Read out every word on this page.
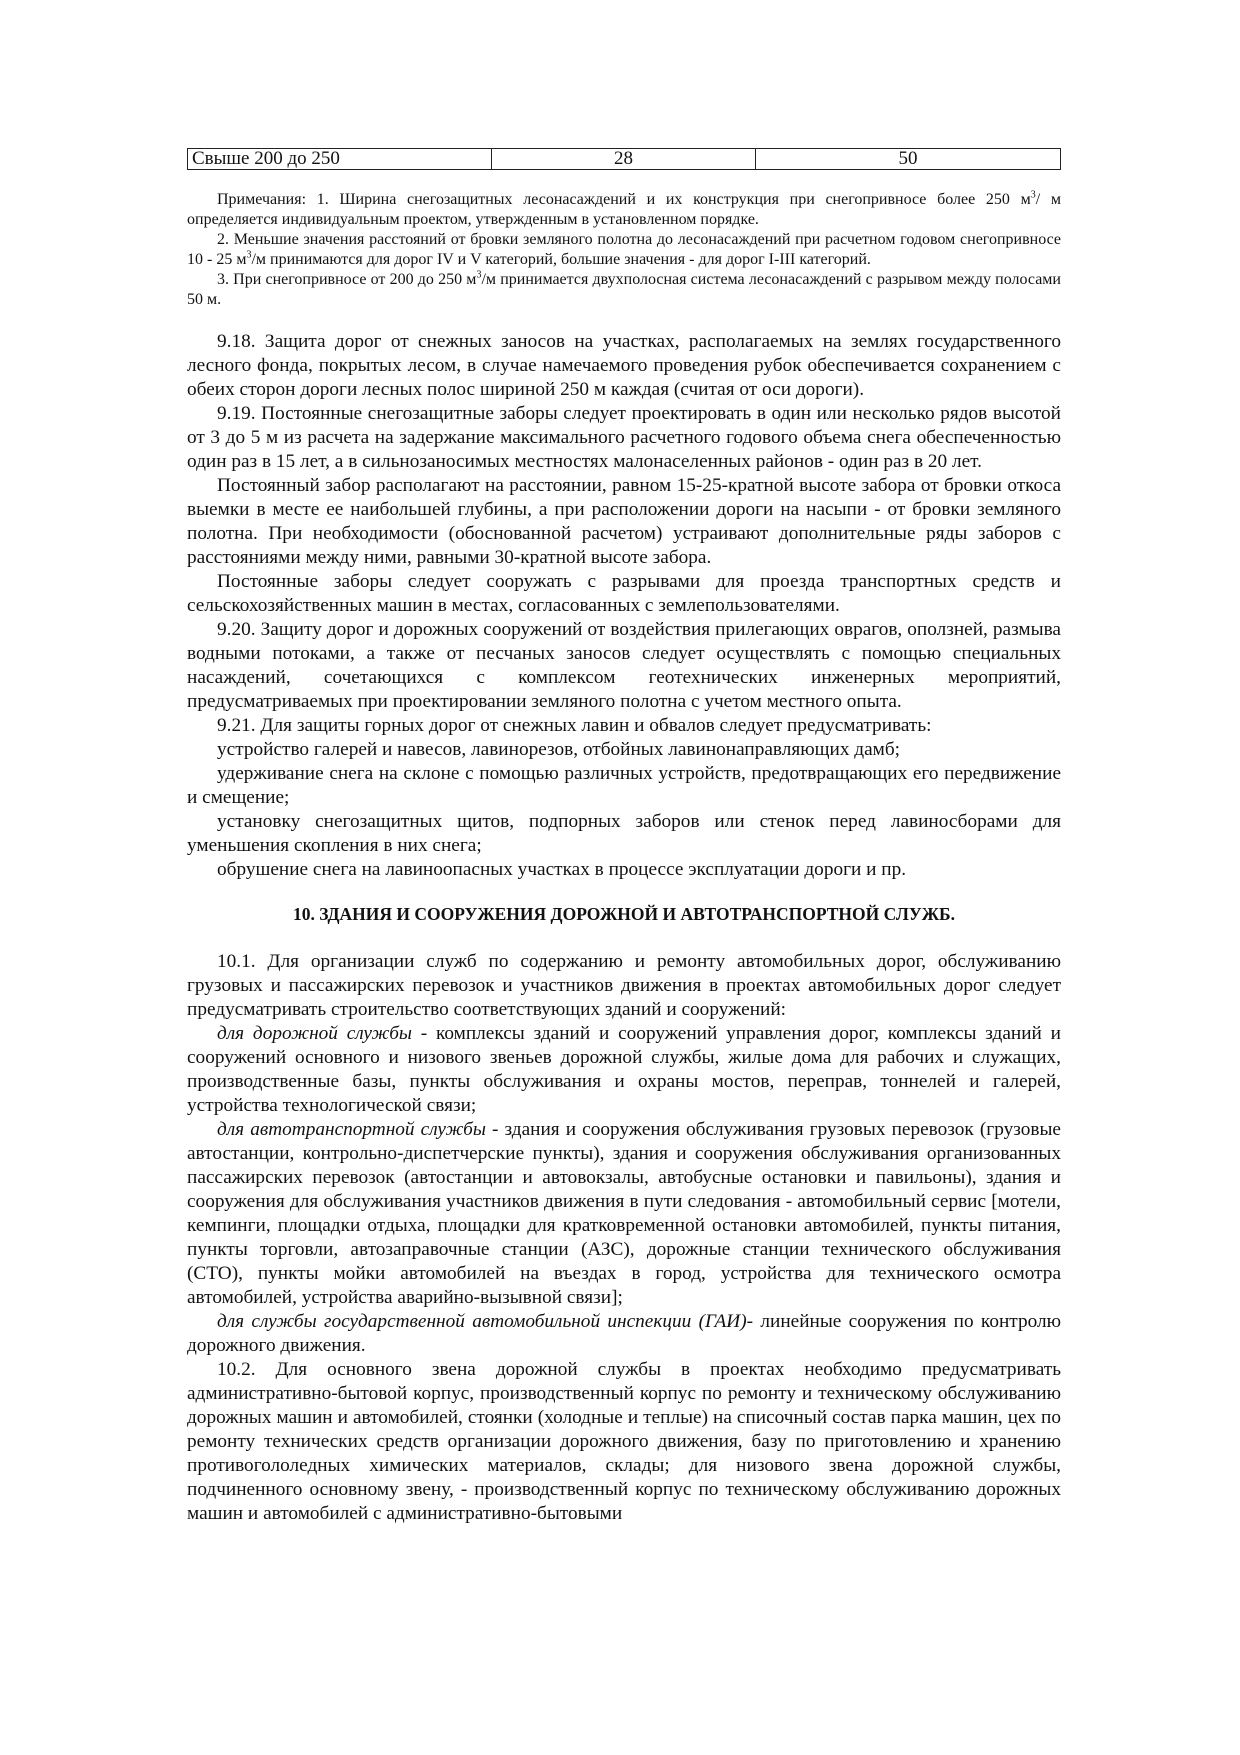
Свыше 200 до 250	28	50

Примечания: 1. Ширина снегозащитных лесонасаждений и их конструкция при снегопривносе более 250 $м^3/$ м определяется индивидуальным проектом, утвержденным в установленном порядке.

2. Меньшие значения расстояний от бровки земляного полотна до лесонасаждений при расчетном годовом снегопривносе 10 - 25 $м^3/м$ принимаются для дорог IV и V категорий, большие значения - для дорог I-III категорий.

3. При снегопривносе от 200 до 250 $м^3/м$ принимается двухполосная система лесонасаждений с разрывом между полосами 50 м.

9.18. Защита дорог от снежных заносов на участках, располагаемых на землях государственного лесного фонда, покрытых лесом, в случае намечаемого проведения рубок обеспечивается сохранением с обеих сторон дороги лесных полос шириной 250 м каждая (считая от оси дороги).

9.19. Постоянные снегозащитные заборы следует проектировать в один или несколько рядов высотой от 3 до 5 м из расчета на задержание максимального расчетного годового объема снега обеспеченностью один раз в 15 лет, а в сильнозаносимых местностях малонаселенных районов - один раз в 20 лет.

Постоянный забор располагают на расстоянии, равном 15-25-кратной высоте забора от бровки откоса выемки в месте ее наибольшей глубины, а при расположении дороги на насыпи - от бровки земляного полотна. При необходимости (обоснованной расчетом) устраивают дополнительные ряды заборов с расстояниями между ними, равными 30-кратной высоте забора.

Постоянные заборы следует сооружать с разрывами для проезда транспортных средств и сельскохозяйственных машин в местах, согласованных с землепользователями.

9.20. Защиту дорог и дорожных сооружений от воздействия прилегающих оврагов, оползней, размыва водными потоками, а также от песчаных заносов следует осуществлять с помощью специальных насаждений, сочетающихся с комплексом геотехнических инженерных мероприятий, предусматриваемых при проектировании земляного полотна с учетом местного опыта.

9.21. Для защиты горных дорог от снежных лавин и обвалов следует предусматривать:

устройство галерей и навесов, лавинорезов, отбойных лавинонаправляющих дамб;

удерживание снега на склоне с помощью различных устройств, предотвращающих его передвижение и смещение;

установку снегозащитных щитов, подпорных заборов или стенок перед лавиносборами для уменьшения скопления в них снега;

обрушение снега на лавиноопасных участках в процессе эксплуатации дороги и пр.

10. ЗДАНИЯ И СООРУЖЕНИЯ ДОРОЖНОЙ И АВТОТРАНСПОРТНОЙ СЛУЖБ.

10.1. Для организации служб по содержанию и ремонту автомобильных дорог, обслуживанию грузовых и пассажирских перевозок и участников движения в проектах автомобильных дорог следует предусматривать строительство соответствующих зданий и сооружений:

для дорожной службы - комплексы зданий и сооружений управления дорог, комплексы зданий и сооружений основного и низового звеньев дорожной службы, жилые дома для рабочих и служащих, производственные базы, пункты обслуживания и охраны мостов, переправ, тоннелей и галерей, устройства технологической связи;

для автотранспортной службы - здания и сооружения обслуживания грузовых перевозок (грузовые автостанции, контрольно-диспетчерские пункты), здания и сооружения обслуживания организованных пассажирских перевозок (автостанции и автовокзалы, автобусные остановки и павильоны), здания и сооружения для обслуживания участников движения в пути следования - автомобильный сервис [мотели, кемпинги, площадки отдыха, площадки для кратковременной остановки автомобилей, пункты питания, пункты торговли, автозаправочные станции (АЗС), дорожные станции технического обслуживания (СТО), пункты мойки автомобилей на въездах в город, устройства для технического осмотра автомобилей, устройства аварийно-вызывной связи];

для службы государственной автомобильной инспекции (ГАИ)- линейные сооружения по контролю дорожного движения.

10.2. Для основного звена дорожной службы в проектах необходимо предусматривать административно-бытовой корпус, производственный корпус по ремонту и техническому обслуживанию дорожных машин и автомобилей, стоянки (холодные и теплые) на списочный состав парка машин, цех по ремонту технических средств организации дорожного движения, базу по приготовлению и хранению противогололедных химических материалов, склады; для низового звена дорожной службы, подчиненного основному звену, - производственный корпус по техническому обслуживанию дорожных машин и автомобилей с административно-бытовыми
